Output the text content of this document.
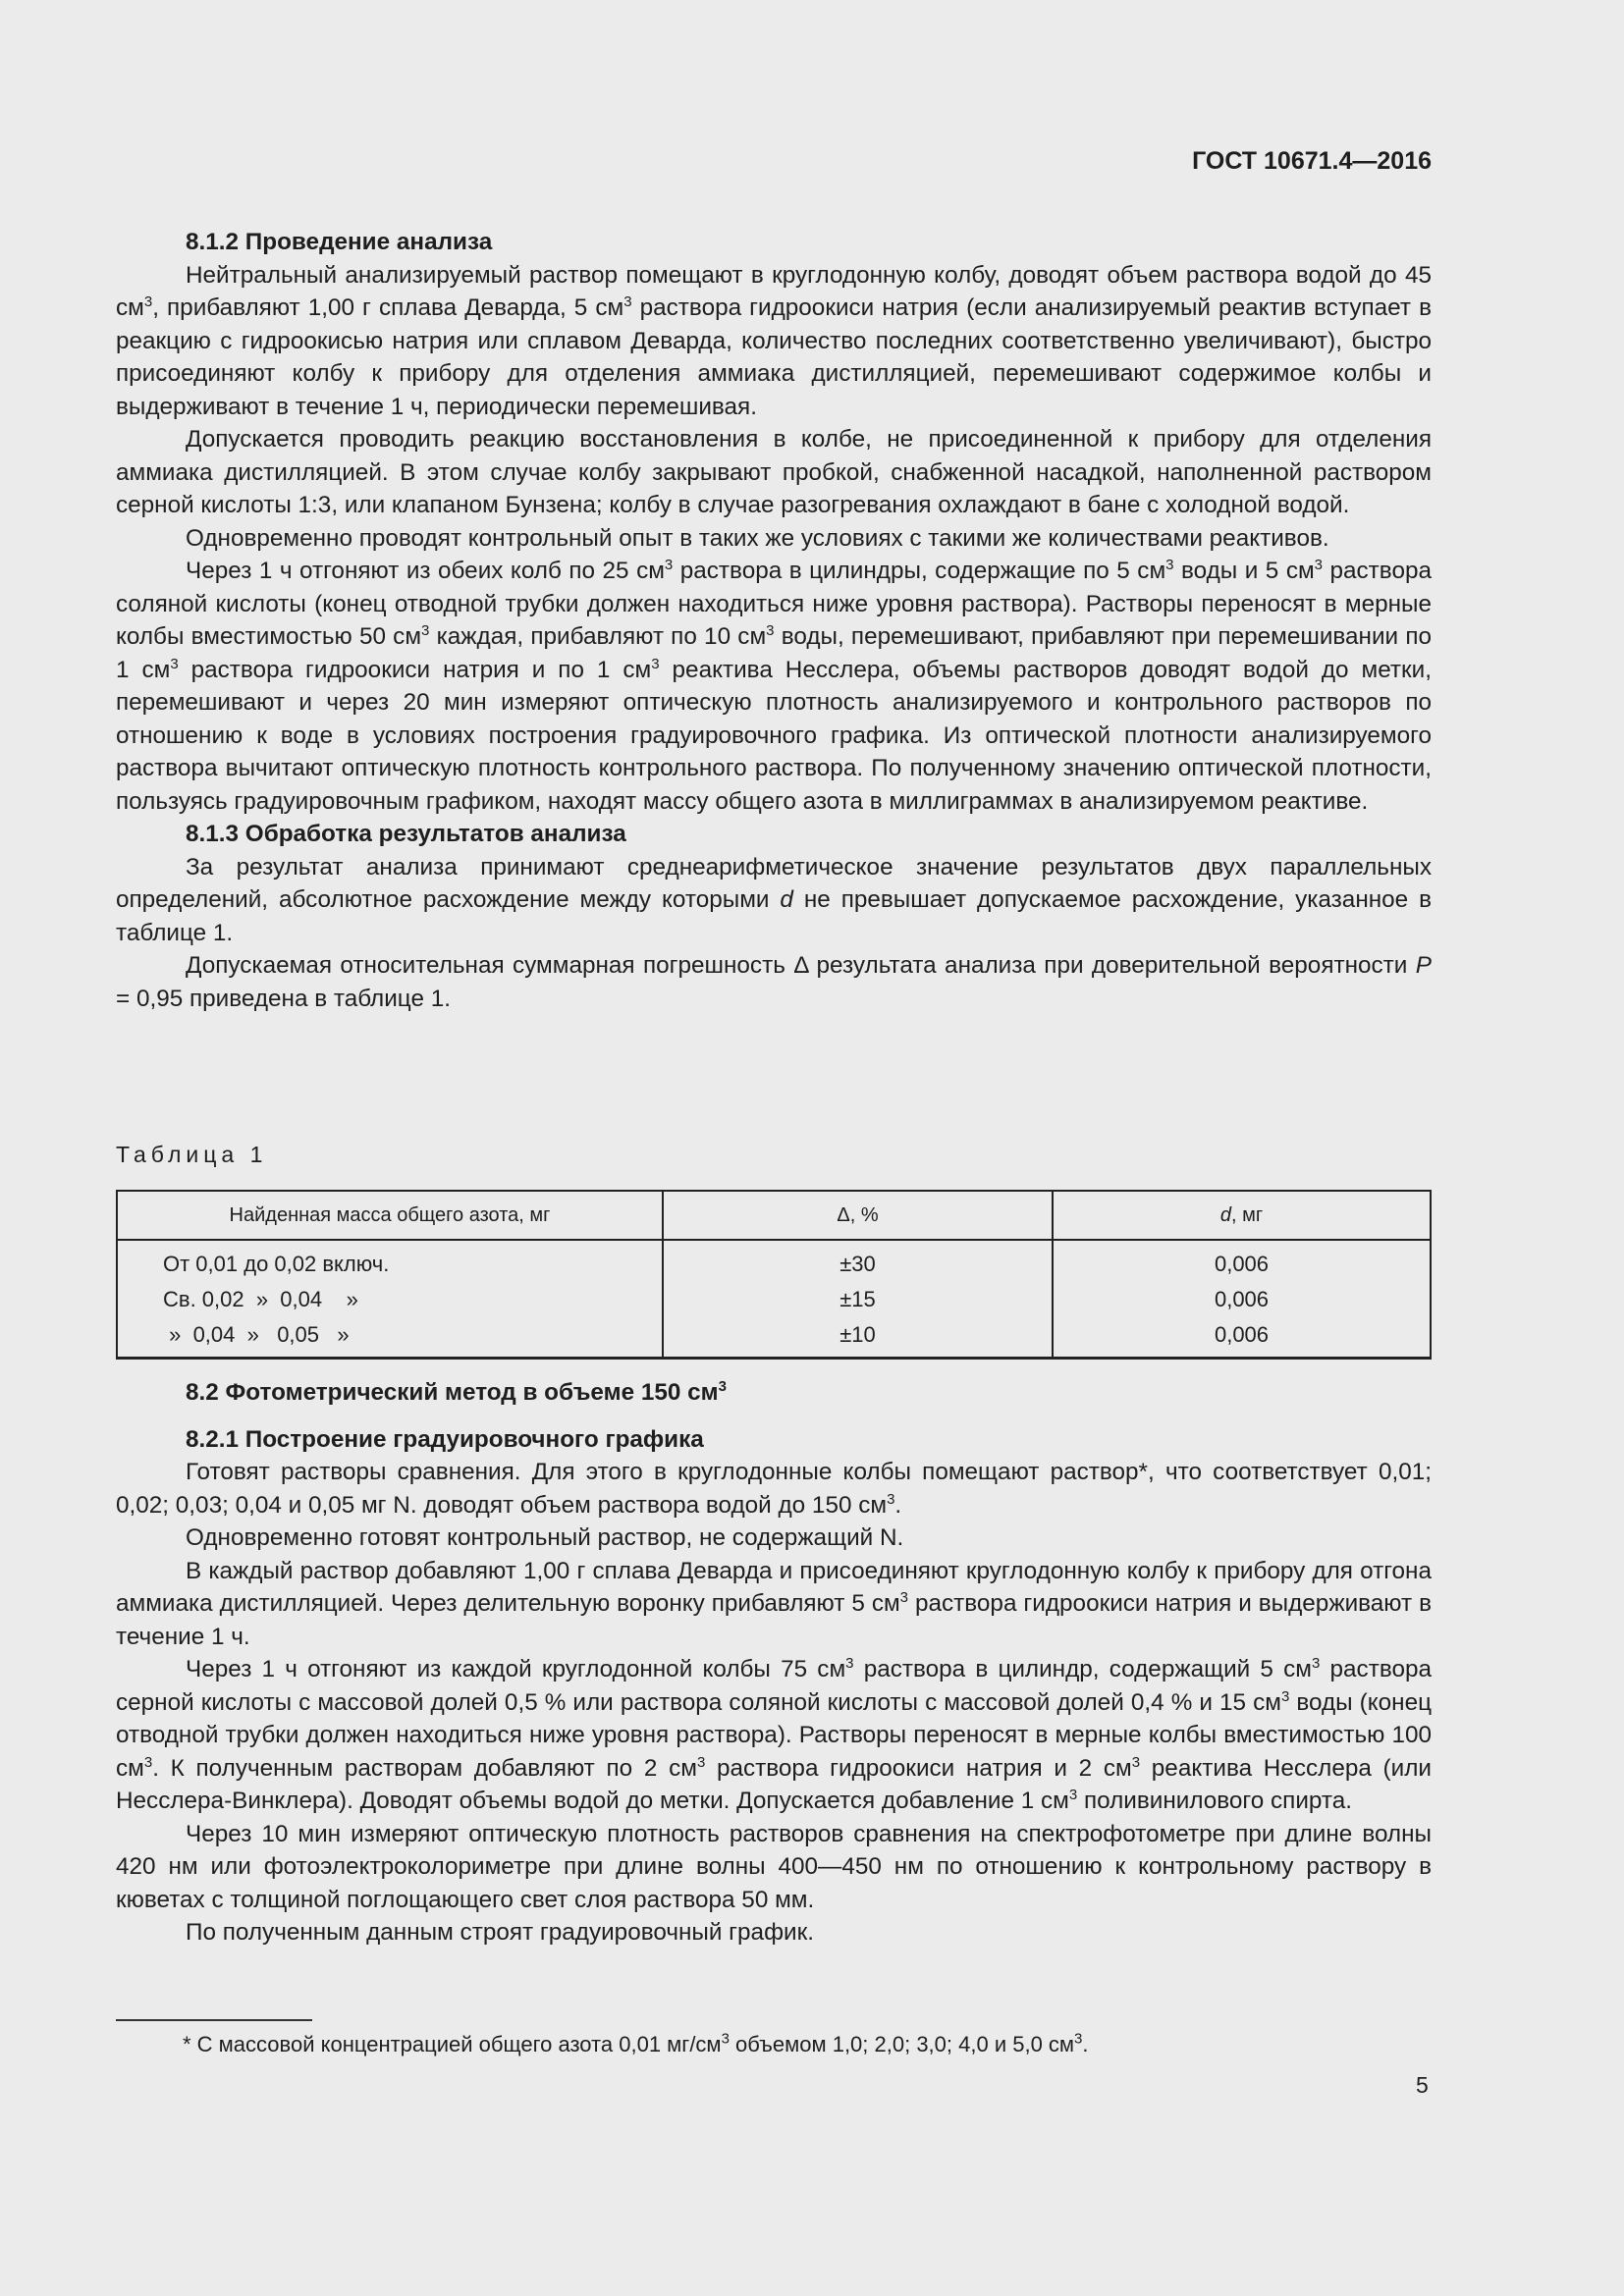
ГОСТ 10671.4—2016
8.1.2 Проведение анализа

Нейтральный анализируемый раствор помещают в круглодонную колбу, доводят объем раствора водой до 45 $см^3$, прибавляют 1,00 г сплава Деварда, 5 $см^3$ раствора гидроокиси натрия (если анализируемый реактив вступает в реакцию с гидроокисью натрия или сплавом Деварда, количество последних соответственно увеличивают), быстро присоединяют колбу к прибору для отделения аммиака дистилляцией, перемешивают содержимое колбы и выдерживают в течение 1 ч, периодически перемешивая.

Допускается проводить реакцию восстановления в колбе, не присоединенной к прибору для отделения аммиака дистилляцией. В этом случае колбу закрывают пробкой, снабженной насадкой, наполненной раствором серной кислоты 1:3, или клапаном Бунзена; колбу в случае разогревания охлаждают в бане с холодной водой.

Одновременно проводят контрольный опыт в таких же условиях с такими же количествами реактивов.

Через 1 ч отгоняют из обеих колб по 25 $см^3$ раствора в цилиндры, содержащие по 5 $см^3$ воды и 5 $см^3$ раствора соляной кислоты (конец отводной трубки должен находиться ниже уровня раствора). Растворы переносят в мерные колбы вместимостью 50 $см^3$ каждая, прибавляют по 10 $см^3$ воды, перемешивают, прибавляют при перемешивании по 1 $см^3$ раствора гидроокиси натрия и по 1 $см^3$ реактива Несслера, объемы растворов доводят водой до метки, перемешивают и через 20 мин измеряют оптическую плотность анализируемого и контрольного растворов по отношению к воде в условиях построения градуировочного графика. Из оптической плотности анализируемого раствора вычитают оптическую плотность контрольного раствора. По полученному значению оптической плотности, пользуясь градуировочным графиком, находят массу общего азота в миллиграммах в анализируемом реактиве.

8.1.3 Обработка результатов анализа

За результат анализа принимают среднеарифметическое значение результатов двух параллельных определений, абсолютное расхождение между которыми d не превышает допускаемое расхождение, указанное в таблице 1.

Допускаемая относительная суммарная погрешность Δ результата анализа при доверительной вероятности P = 0,95 приведена в таблице 1.

Таблица 1
Найденная масса общего азота, мг	Δ, %	d, мг

От 0,01 до 0,02 включ.	±30	0,006
Св. 0,02  »  0,04    »	±15	0,006
»  0,04  »   0,05   »	±10	0,006
8.2 Фотометрический метод в объеме 150 $см^3$
8.2.1 Построение градуировочного графика

Готовят растворы сравнения. Для этого в круглодонные колбы помещают раствор*, что соответствует 0,01; 0,02; 0,03; 0,04 и 0,05 мг N. доводят объем раствора водой до 150 $см^3$.

Одновременно готовят контрольный раствор, не содержащий N.

В каждый раствор добавляют 1,00 г сплава Деварда и присоединяют круглодонную колбу к прибору для отгона аммиака дистилляцией. Через делительную воронку прибавляют 5 $см^3$ раствора гидроокиси натрия и выдерживают в течение 1 ч.

Через 1 ч отгоняют из каждой круглодонной колбы 75 $см^3$ раствора в цилиндр, содержащий 5 $см^3$ раствора серной кислоты с массовой долей 0,5 % или раствора соляной кислоты с массовой долей 0,4 % и 15 $см^3$ воды (конец отводной трубки должен находиться ниже уровня раствора). Растворы переносят в мерные колбы вместимостью 100 $см^3$. К полученным растворам добавляют по 2 $см^3$ раствора гидроокиси натрия и 2 $см^3$ реактива Несслера (или Несслера-Винклера). Доводят объемы водой до метки. Допускается добавление 1 $см^3$ поливинилового спирта.

Через 10 мин измеряют оптическую плотность растворов сравнения на спектрофотометре при длине волны 420 нм или фотоэлектроколориметре при длине волны 400—450 нм по отношению к контрольному раствору в кюветах с толщиной поглощающего свет слоя раствора 50 мм.

По полученным данным строят градуировочный график.

* С массовой концентрацией общего азота 0,01 $мг/см^3$ объемом 1,0; 2,0; 3,0; 4,0 и 5,0 $см^3$.
5
